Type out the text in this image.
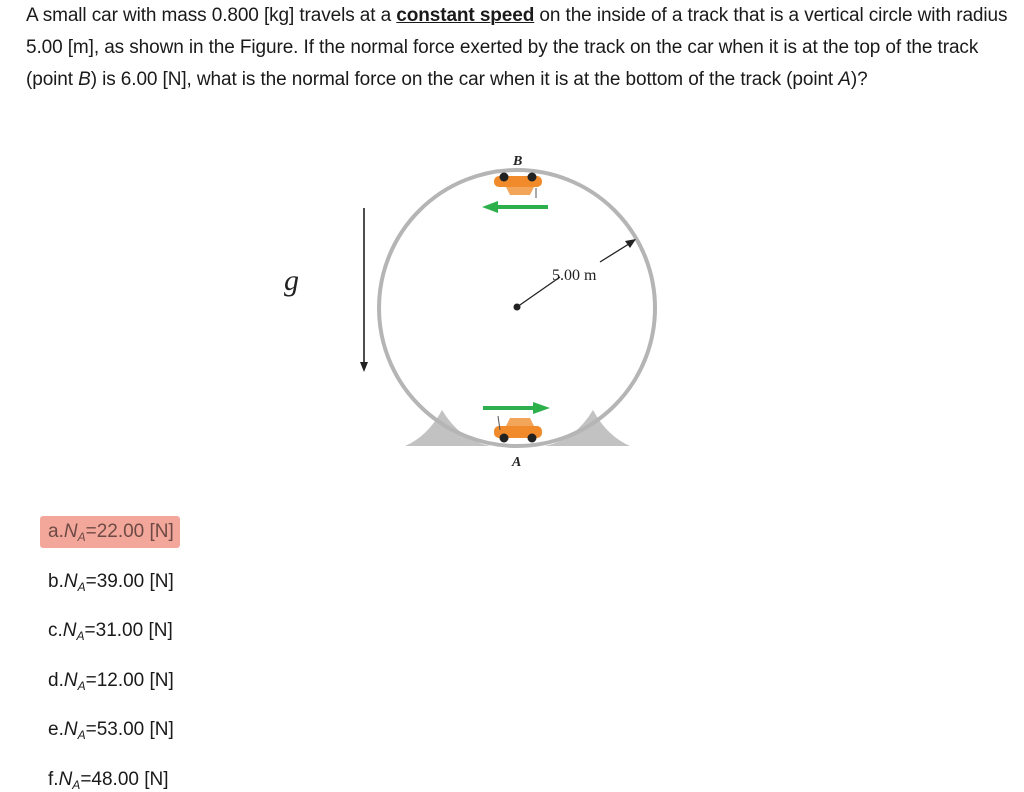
A small car with mass 0.800 [kg] travels at a constant speed on the inside of a track that is a vertical circle with radius 5.00 [m], as shown in the Figure. If the normal force exerted by the track on the car when it is at the top of the track (point B) is 6.00 [N], what is the normal force on the car when it is at the bottom of the track (point A)?
g	5.00 m
B
A
$a.N_A=22.00$ [N]
$b.N_A=39.00$ [N]
$c.N_A=31.00$ [N]
$d.N_A=12.00$ [N]
$e.N_A=53.00$ [N]
$f.N_A=48.00$ [N]
